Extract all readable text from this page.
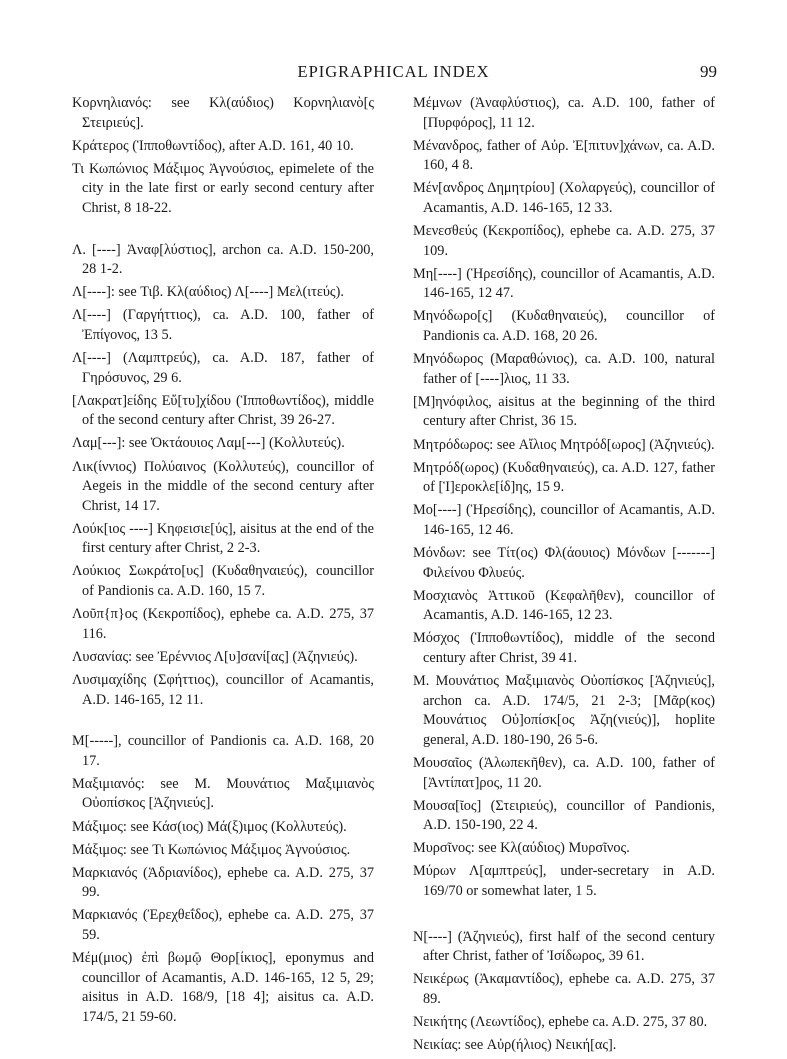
EPIGRAPHICAL INDEX	99

Κορνηλιανός: see Κλ(αύδιος) Κορνηλιανὸ[ς Στειριεύς].

Κράτερος (Ἱπποθωντίδος), after A.D. 161, 40 10.

Τι Κωπώνιος Μάξιμος Ἀγνούσιος, epimelete of the city in the late first or early second century after Christ, 8 18-22.

Λ. [----] Ἀναφ[λύστιος], archon ca. A.D. 150-200, 28 1-2.

Λ[----]: see Τιβ. Κλ(αύδιος) Λ[----] Μελ(ιτεύς).

Λ[----] (Γαργήττιος), ca. A.D. 100, father of Ἐπίγονος, 13 5.

Λ[----] (Λαμπτρεύς), ca. A.D. 187, father of Γηρόσυνος, 29 6.

[Λακρατ]είδης Εὔ[τυ]χίδου (Ἱπποθωντίδος), middle of the second century after Christ, 39 26-27.

Λαμ[---]: see Ὀκτάουιος Λαμ[---] (Κολλυτεύς).

Λικ(ίννιος) Πολύαινος (Κολλυτεύς), councillor of Aegeis in the middle of the second century after Christ, 14 17.

Λούκ[ιος ----] Κηφεισιε[ύς], aisitus at the end of the first century after Christ, 2 2-3.

Λούκιος Σωκράτο[υς] (Κυδαθηναιεύς), councillor of Pandionis ca. A.D. 160, 15 7.

Λοῦπ{π}ος (Κεκροπίδος), ephebe ca. A.D. 275, 37 116.

Λυσανίας: see Ἐρέννιος Λ[υ]σανί[ας] (Ἀζηνιεύς).

Λυσιμαχίδης (Σφήττιος), councillor of Acamantis, A.D. 146-165, 12 11.

Μ[-----], councillor of Pandionis ca. A.D. 168, 20 17.

Μαξιμιανός: see Μ. Μουνάτιος Μαξιμιανὸς Οὐοπίσκος [Ἀζηνιεύς].

Μάξιμος: see Κάσ(ιος) Μά(ξ)ιμος (Κολλυτεύς).

Μάξιμος: see Τι Κωπώνιος Μάξιμος Ἀγνούσιος.

Μαρκιανός (Ἁδριανίδος), ephebe ca. A.D. 275, 37 99.

Μαρκιανός (Ἐρεχθεΐδος), ephebe ca. A.D. 275, 37 59.

Μέμ(μιος) ἐπὶ βωμῷ Θορ[ίκιος], eponymus and councillor of Acamantis, A.D. 146-165, 12 5, 29; aisitus in A.D. 168/9, [18 4]; aisitus ca. A.D. 174/5, 21 59-60.

Μέμνων (Ἀναφλύστιος), ca. A.D. 100, father of [Πυρφόρος], 11 12.

Μένανδρος, father of Αὐρ. Ἐ[πιτυν]χάνων, ca. A.D. 160, 4 8.

Μέν[ανδρος Δημητρίου] (Χολαργεύς), councillor of Acamantis, A.D. 146-165, 12 33.

Μενεσθεύς (Κεκροπίδος), ephebe ca. A.D. 275, 37 109.

Μη[----] (Ἡρεσίδης), councillor of Acamantis, A.D. 146-165, 12 47.

Μηνόδωρο[ς] (Κυδαθηναιεύς), councillor of Pandionis ca. A.D. 168, 20 26.

Μηνόδωρος (Μαραθώνιος), ca. A.D. 100, natural father of [----]λιος, 11 33.

[Μ]ηνόφιλος, aisitus at the beginning of the third century after Christ, 36 15.

Μητρόδωρος: see Αἴλιος Μητρόδ[ωρος] (Ἀζηνιεύς).

Μητρόδ(ωρος) (Κυδαθηναιεύς), ca. A.D. 127, father of [Ἱ]εροκλε[ίδ]ης, 15 9.

Μο[----] (Ἡρεσίδης), councillor of Acamantis, A.D. 146-165, 12 46.

Μόνδων: see Τίτ(ος) Φλ(άουιος) Μόνδων [-------] Φιλείνου Φλυεύς.

Μοσχιανὸς Ἀττικοῦ (Κεφαλῆθεν), councillor of Acamantis, A.D. 146-165, 12 23.

Μόσχος (Ἱπποθωντίδος), middle of the second century after Christ, 39 41.

Μ. Μουνάτιος Μαξιμιανὸς Οὐοπίσκος [Ἀζηνιεύς], archon ca. A.D. 174/5, 21 2-3; [Μᾶρ(κος) Μουνάτιος Οὐ]οπίσκ[ος Ἀζη(νιεύς)], hoplite general, A.D. 180-190, 26 5-6.

Μουσαῖος (Ἀλωπεκῆθεν), ca. A.D. 100, father of [Ἀντίπατ]ρος, 11 20.

Μουσα[ῖος] (Στειριεύς), councillor of Pandionis, A.D. 150-190, 22 4.

Μυρσῖνος: see Κλ(αύδιος) Μυρσῖνος.

Μύρων Λ[αμπτρεύς], under-secretary in A.D. 169/70 or somewhat later, 1 5.

Ν[----] (Ἀζηνιεύς), first half of the second century after Christ, father of Ἰσίδωρος, 39 61.

Νεικέρως (Ἀκαμαντίδος), ephebe ca. A.D. 275, 37 89.

Νεικήτης (Λεωντίδος), ephebe ca. A.D. 275, 37 80.

Νεικίας: see Αὐρ(ήλιος) Νεική[ας].
